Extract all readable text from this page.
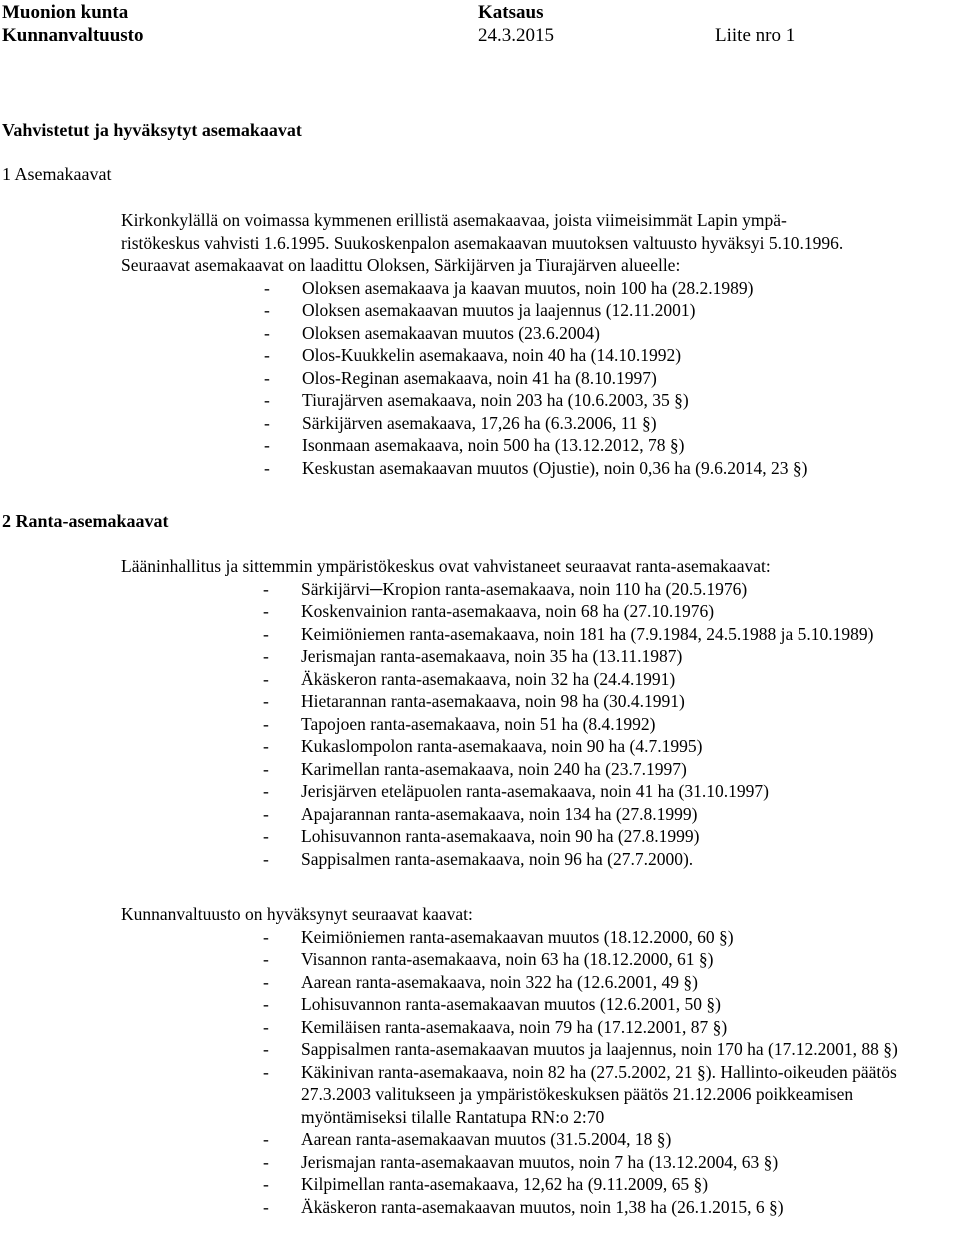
Muonion kunta
Kunnanvaltuusto
Katsaus
24.3.2015	Liite nro 1
Vahvistetut ja hyväksytyt asemakaavat
1 Asemakaavat

Kirkonkylällä on voimassa kymmenen erillistä asemakaavaa, joista viimeisimmät Lapin ympä-

ristökeskus vahvisti 1.6.1995. Suukoskenpalon asemakaavan muutoksen valtuusto hyväksyi 5.10.1996.

Seuraavat asemakaavat on laadittu Oloksen, Särkijärven ja Tiurajärven alueelle:

- Oloksen asemakaava ja kaavan muutos, noin 100 ha (28.2.1989)
- Oloksen asemakaavan muutos ja laajennus (12.11.2001)
- Oloksen asemakaavan muutos (23.6.2004)
- Olos-Kuukkelin asemakaava, noin 40 ha (14.10.1992)
- Olos-Reginan asemakaava, noin 41 ha (8.10.1997)
- Tiurajärven asemakaava, noin 203 ha (10.6.2003, 35 §)
- Särkijärven asemakaava, 17,26 ha (6.3.2006, 11 §)
- Isonmaan asemakaava, noin 500 ha (13.12.2012, 78 §)
- Keskustan asemakaavan muutos (Ojustie), noin 0,36 ha (9.6.2014, 23 §)
2 Ranta-asemakaavat

Lääninhallitus ja sittemmin ympäristökeskus ovat vahvistaneet seuraavat ranta-asemakaavat:

- Särkijärvi─Kropion ranta-asemakaava, noin 110 ha (20.5.1976)
- Koskenvainion ranta-asemakaava, noin 68 ha (27.10.1976)
- Keimiöniemen ranta-asemakaava, noin 181 ha (7.9.1984, 24.5.1988 ja 5.10.1989)
- Jerismajan ranta-asemakaava, noin 35 ha (13.11.1987)
- Äkäskeron ranta-asemakaava, noin 32 ha (24.4.1991)
- Hietarannan ranta-asemakaava, noin 98 ha (30.4.1991)
- Tapojoen ranta-asemakaava, noin 51 ha (8.4.1992)
- Kukaslompolon ranta-asemakaava, noin 90 ha (4.7.1995)
- Karimellan ranta-asemakaava, noin 240 ha (23.7.1997)
- Jerisjärven eteläpuolen ranta-asemakaava, noin 41 ha (31.10.1997)
- Apajarannan ranta-asemakaava, noin 134 ha (27.8.1999)
- Lohisuvannon ranta-asemakaava, noin 90 ha (27.8.1999)
- Sappisalmen ranta-asemakaava, noin 96 ha (27.7.2000).

Kunnanvaltuusto on hyväksynyt seuraavat kaavat:

- Keimiöniemen ranta-asemakaavan muutos (18.12.2000, 60 §)
- Visannon ranta-asemakaava, noin 63 ha (18.12.2000, 61 §)
- Aarean ranta-asemakaava, noin 322 ha (12.6.2001, 49 §)
- Lohisuvannon ranta-asemakaavan muutos (12.6.2001, 50 §)
- Kemiläisen ranta-asemakaava, noin 79 ha (17.12.2001, 87 §)
- Sappisalmen ranta-asemakaavan muutos ja laajennus, noin 170 ha (17.12.2001, 88 §)
- Käkinivan ranta-asemakaava, noin 82 ha (27.5.2002, 21 §). Hallinto-oikeuden päätös 27.3.2003 valitukseen ja ympäristökeskuksen päätös 21.12.2006 poikkeamisen myöntämiseksi tilalle Rantatupa RN:o 2:70
- Aarean ranta-asemakaavan muutos (31.5.2004, 18 §)
- Jerismajan ranta-asemakaavan muutos, noin 7 ha (13.12.2004, 63 §)
- Kilpimellan ranta-asemakaava, 12,62 ha (9.11.2009, 65 §)
- Äkäskeron ranta-asemakaavan muutos, noin 1,38 ha (26.1.2015, 6 §)
